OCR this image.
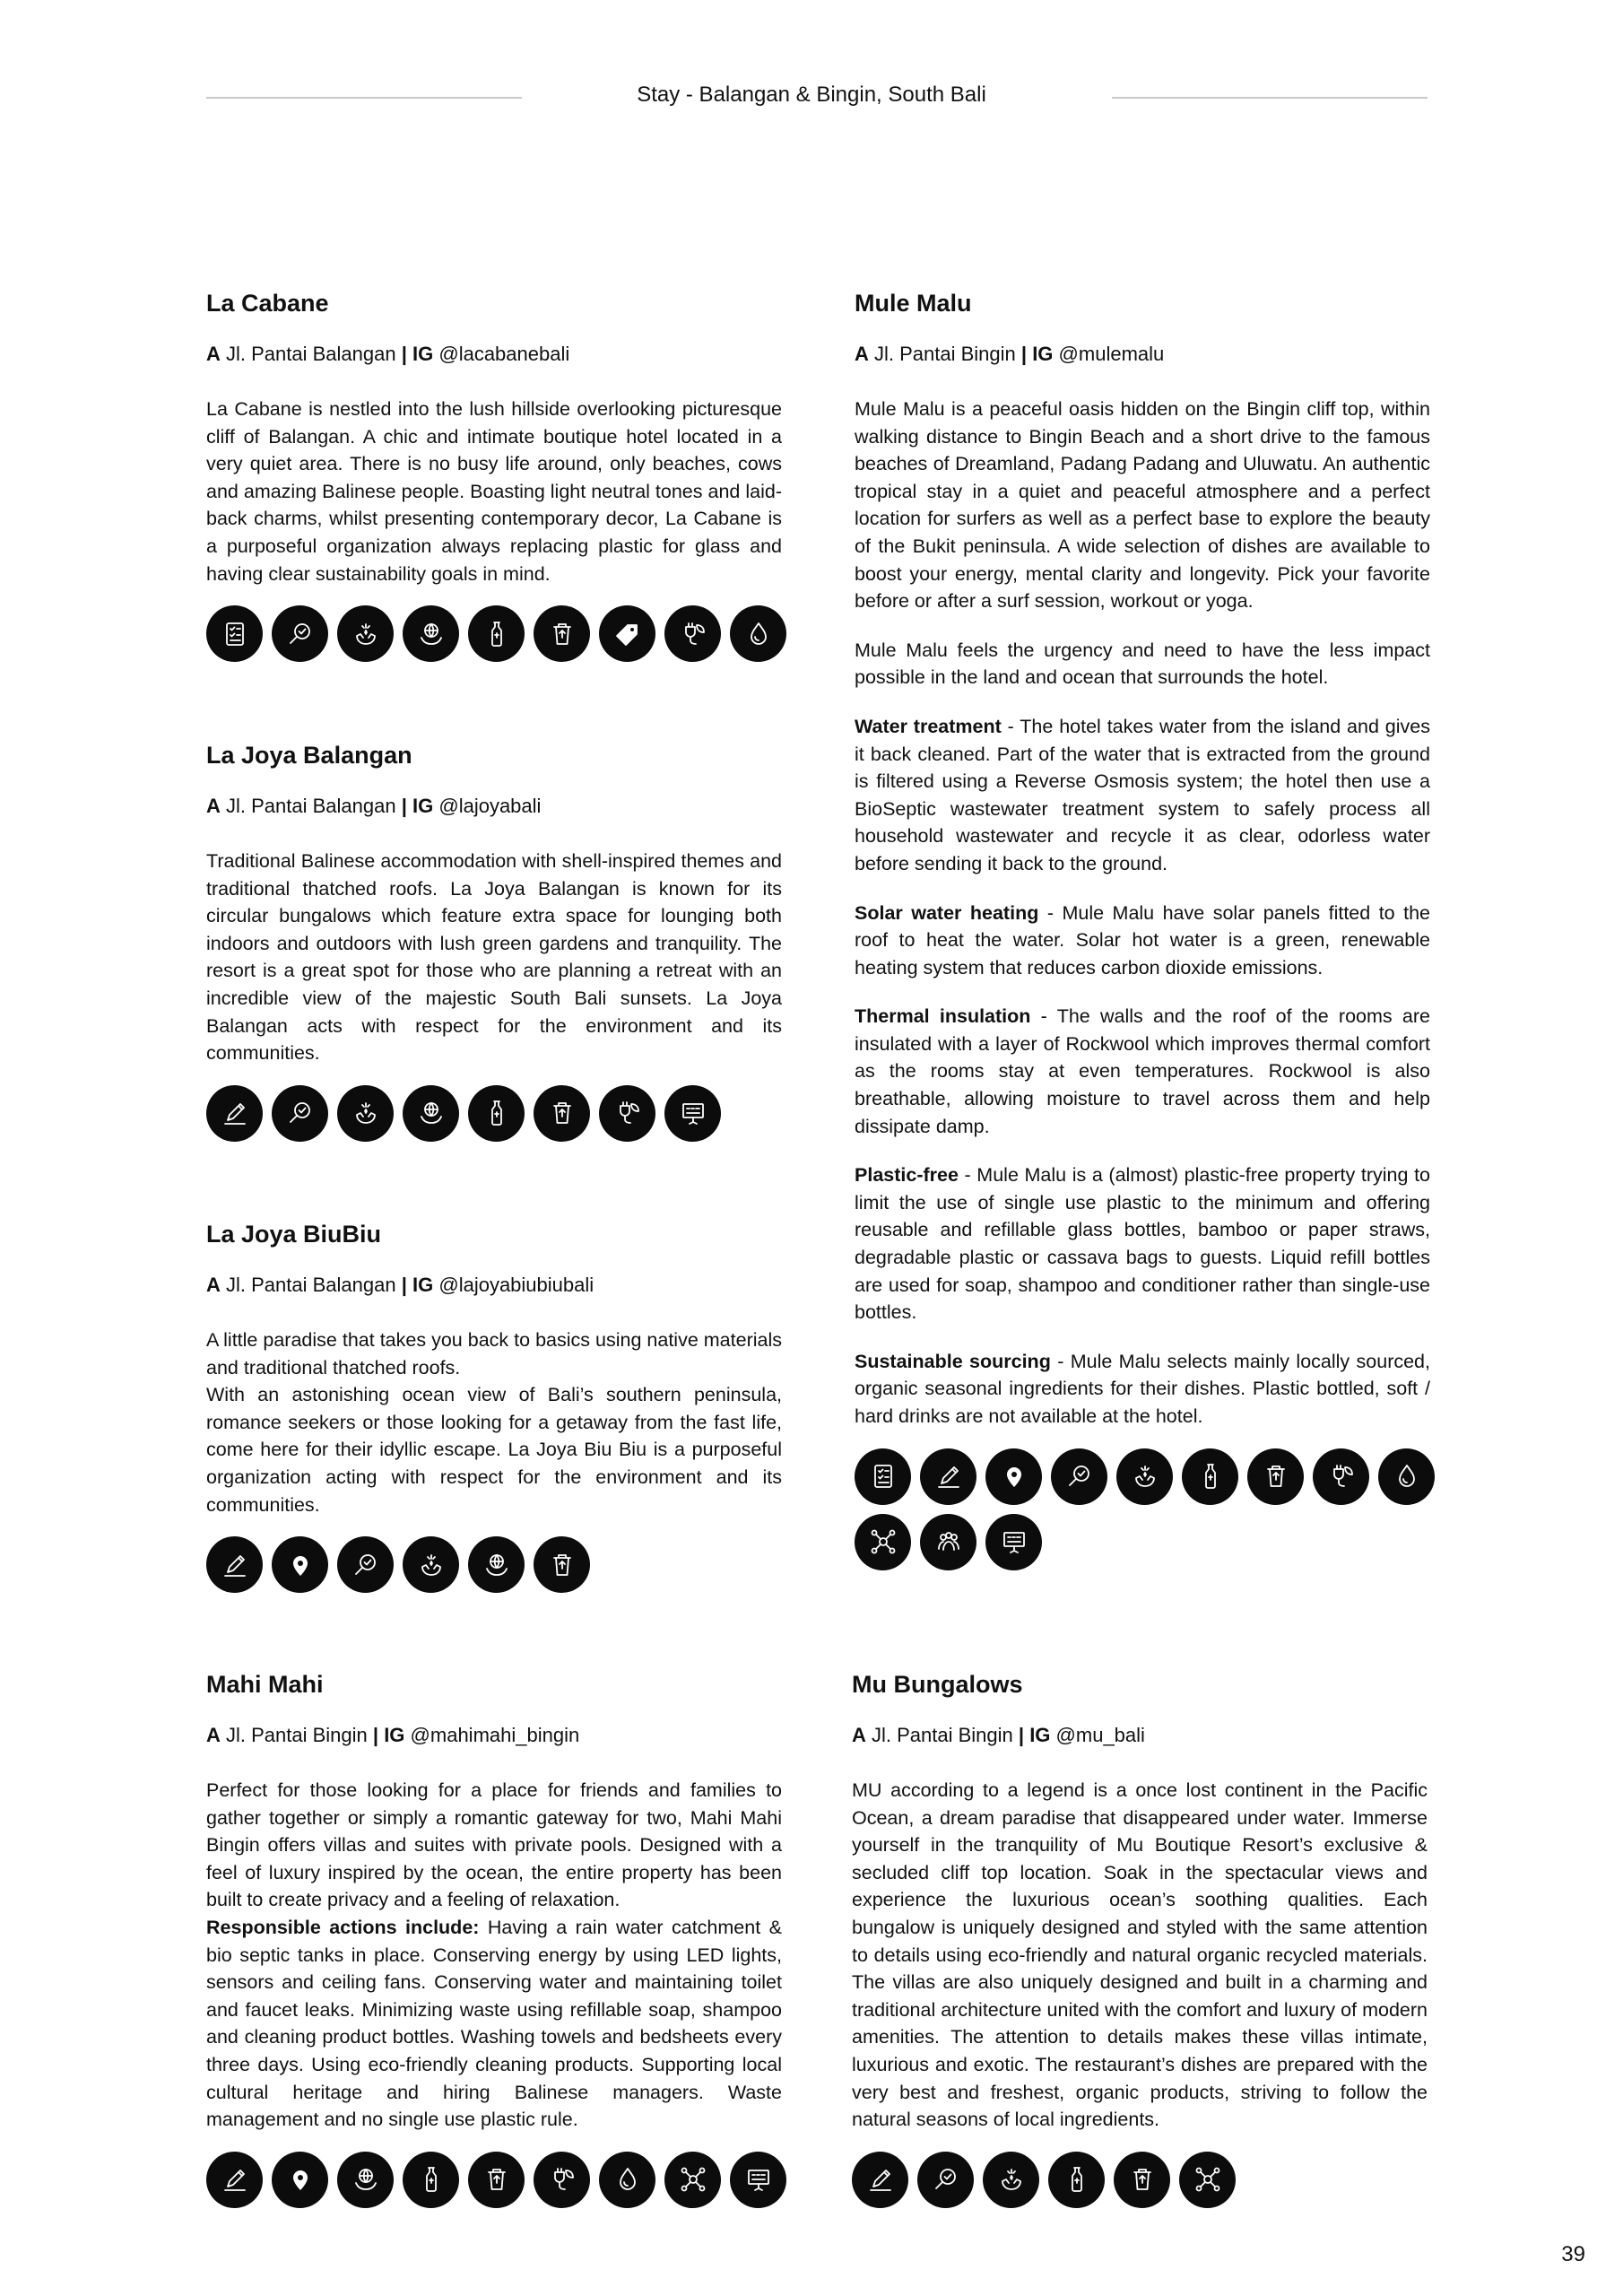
Stay - Balangan & Bingin, South Bali
La Cabane
A Jl. Pantai Balangan | IG @lacabanebali

La Cabane is nestled into the lush hillside overlooking picturesque cliff of Balangan. A chic and intimate boutique hotel located in a very quiet area. There is no busy life around, only beaches, cows and amazing Balinese people. Boasting light neutral tones and laid-back charms, whilst presenting contemporary decor, La Cabane is a purposeful organization always replacing plastic for glass and having clear sustainability goals in mind.

La Joya Balangan
A Jl. Pantai Balangan | IG @lajoyabali

Traditional Balinese accommodation with shell-inspired themes and traditional thatched roofs. La Joya Balangan is known for its circular bungalows which feature extra space for lounging both indoors and outdoors with lush green gardens and tranquility. The resort is a great spot for those who are planning a retreat with an incredible view of the majestic South Bali sunsets. La Joya Balangan acts with respect for the environment and its communities.

La Joya BiuBiu
A Jl. Pantai Balangan | IG @lajoyabiubiubali

A little paradise that takes you back to basics using native materials and traditional thatched roofs.

With an astonishing ocean view of Bali’s southern peninsula, romance seekers or those looking for a getaway from the fast life, come here for their idyllic escape. La Joya Biu Biu is a purposeful organization acting with respect for the environment and its communities.

Mule Malu
A Jl. Pantai Bingin | IG @mulemalu

Mule Malu is a peaceful oasis hidden on the Bingin cliff top, within walking distance to Bingin Beach and a short drive to the famous beaches of Dreamland, Padang Padang and Uluwatu. An authentic tropical stay in a quiet and peaceful atmosphere and a perfect location for surfers as well as a perfect base to explore the beauty of the Bukit peninsula. A wide selection of dishes are available to boost your energy, mental clarity and longevity. Pick your favorite before or after a surf session, workout or yoga.

Mule Malu feels the urgency and need to have the less impact possible in the land and ocean that surrounds the hotel.

Water treatment - The hotel takes water from the island and gives it back cleaned. Part of the water that is extracted from the ground is filtered using a Reverse Osmosis system; the hotel then use a BioSeptic wastewater treatment system to safely process all household wastewater and recycle it as clear, odorless water before sending it back to the ground.

Solar water heating - Mule Malu have solar panels fitted to the roof to heat the water. Solar hot water is a green, renewable heating system that reduces carbon dioxide emissions.

Thermal insulation - The walls and the roof of the rooms are insulated with a layer of Rockwool which improves thermal comfort as the rooms stay at even temperatures. Rockwool is also breathable, allowing moisture to travel across them and help dissipate damp.

Plastic-free - Mule Malu is a (almost) plastic-free property trying to limit the use of single use plastic to the minimum and offering reusable and refillable glass bottles, bamboo or paper straws, degradable plastic or cassava bags to guests. Liquid refill bottles are used for soap, shampoo and conditioner rather than single-use bottles.

Sustainable sourcing - Mule Malu selects mainly locally sourced, organic seasonal ingredients for their dishes. Plastic bottled, soft / hard drinks are not available at the hotel.

Mahi Mahi
A Jl. Pantai Bingin | IG @mahimahi_bingin

Perfect for those looking for a place for friends and families to gather together or simply a romantic gateway for two, Mahi Mahi Bingin offers villas and suites with private pools. Designed with a feel of luxury inspired by the ocean, the entire property has been built to create privacy and a feeling of relaxation.

Responsible actions include: Having a rain water catchment & bio septic tanks in place. Conserving energy by using LED lights, sensors and ceiling fans. Conserving water and maintaining toilet and faucet leaks. Minimizing waste using refillable soap, shampoo and cleaning product bottles. Washing towels and bedsheets every three days. Using eco-friendly cleaning products. Supporting local cultural heritage and hiring Balinese managers. Waste management and no single use plastic rule.

Mu Bungalows
A Jl. Pantai Bingin | IG @mu_bali

MU according to a legend is a once lost continent in the Pacific Ocean, a dream paradise that disappeared under water. Immerse yourself in the tranquility of Mu Boutique Resort’s exclusive & secluded cliff top location. Soak in the spectacular views and experience the luxurious ocean’s soothing qualities. Each bungalow is uniquely designed and styled with the same attention to details using eco-friendly and natural organic recycled materials. The villas are also uniquely designed and built in a charming and traditional architecture united with the comfort and luxury of modern amenities. The attention to details makes these villas intimate, luxurious and exotic. The restaurant’s dishes are prepared with the very best and freshest, organic products, striving to follow the natural seasons of local ingredients.

39
